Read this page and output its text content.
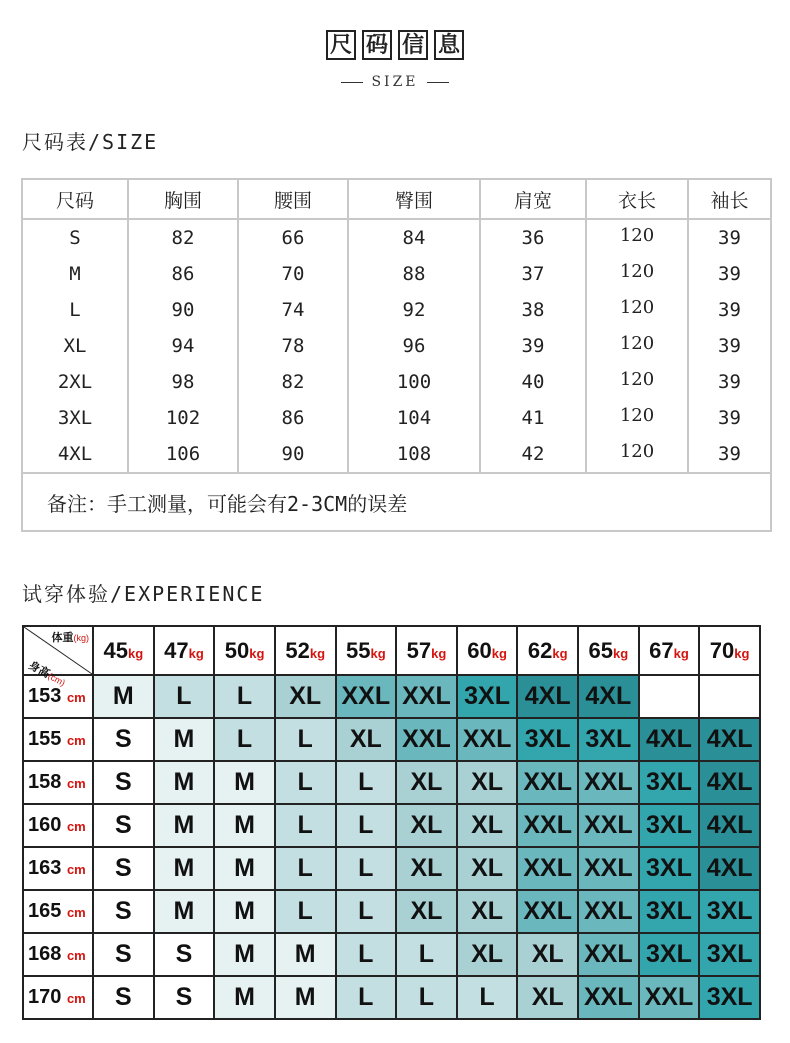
尺 码 信 息
SIZE
尺码表/SIZE
尺码	胸围	腰围	臀围	肩宽	衣长	袖长
S	82	66	84	36	120	39
M	86	70	88	37	120	39
L	90	74	92	38	120	39
XL	94	78	96	39	120	39
2XL	98	82	100	40	120	39
3XL	102	86	104	41	120	39
4XL	106	90	108	42	120	39
备注：手工测量，可能会有2-3CM的误差						
试穿体验/EXPERIENCE
体重(kg)
身高(cm)	45kg	47kg	50kg	52kg	55kg	57kg	60kg	62kg	65kg	67kg	70kg
153 cm	M	L	L	XL	XXL	XXL	3XL	4XL	4XL		
155 cm	S	M	L	L	XL	XXL	XXL	3XL	3XL	4XL	4XL
158 cm	S	M	M	L	L	XL	XL	XXL	XXL	3XL	4XL
160 cm	S	M	M	L	L	XL	XL	XXL	XXL	3XL	4XL
163 cm	S	M	M	L	L	XL	XL	XXL	XXL	3XL	4XL
165 cm	S	M	M	L	L	XL	XL	XXL	XXL	3XL	3XL
168 cm	S	S	M	M	L	L	XL	XL	XXL	3XL	3XL
170 cm	S	S	M	M	L	L	L	XL	XXL	XXL	3XL
